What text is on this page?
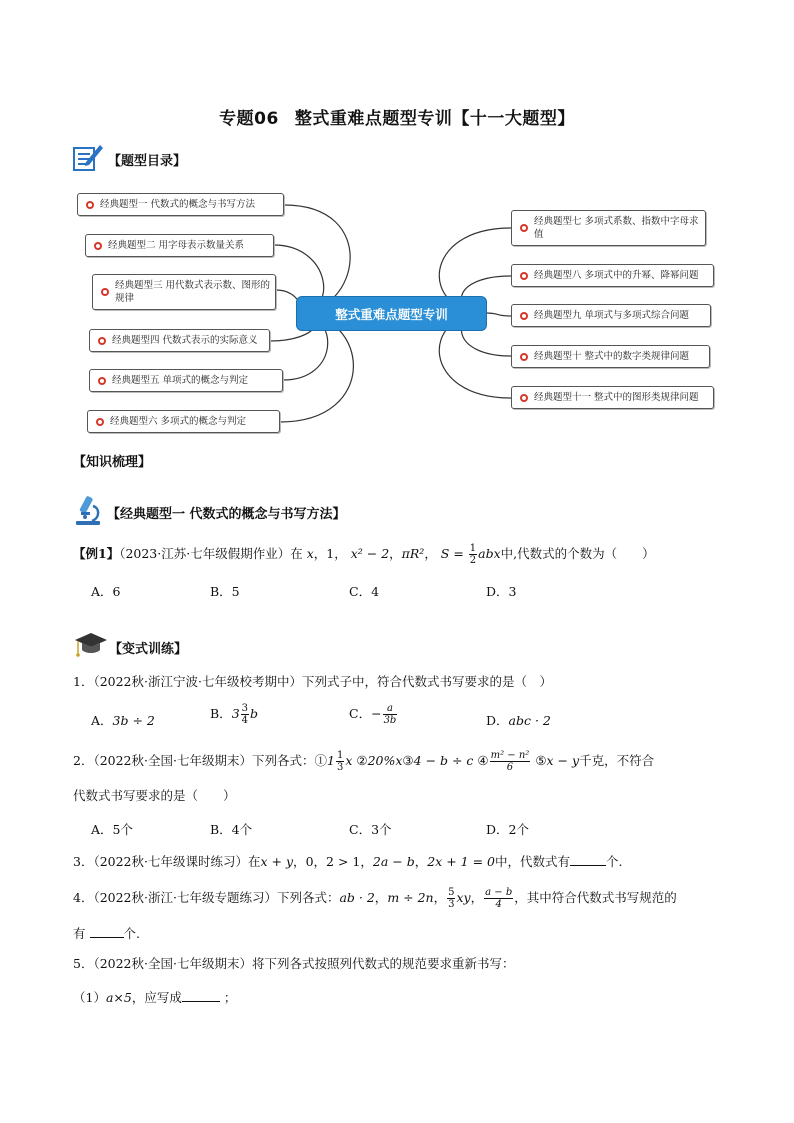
专题06 整式重难点题型专训【十一大题型】
【题型目录】
经典题型一 代数式的概念与书写方法
经典题型二 用字母表示数量关系
经典题型三 用代数式表示数、图形的规律
经典题型四 代数式表示的实际意义
经典题型五 单项式的概念与判定
经典题型六 多项式的概念与判定
整式重难点题型专训
经典题型七 多项式系数、指数中字母求值
经典题型八 多项式中的升幂、降幂问题
经典题型九 单项式与多项式综合问题
经典题型十 整式中的数字类规律问题
经典题型十一 整式中的图形类规律问题
【知识梳理】
【经典题型一 代数式的概念与书写方法】
【例1】（2023·江苏·七年级假期作业）在 x，1， x² − 2，πR²， $S = \frac{1}{2}$ abx中,代数式的个数为（　　）
A．6	B．5	C．4	D．3
【变式训练】
1．（2022秋·浙江宁波·七年级校考期中）下列式子中，符合代数式书写要求的是（　）
A．3b ÷ 2	B．$3 \frac{3}{4}$ b	C．− $\frac{a}{3b}$	D．abc · 2
2．（2022秋·全国·七年级期末）下列各式：①1 $\frac{1}{3}$ x ②20%x③4 − b ÷ c ④ $\frac{\text{m² − n²}}{6}$ ⑤x − y千克，不符合
代数式书写要求的是（　　）
A．5个	B．4个	C．3个	D．2个
3．（2022秋·七年级课时练习）在x + y，0，2 > 1，2a − b，2x + 1 = 0中，代数式有	个.
4．（2022秋·浙江·七年级专题练习）下列各式：ab · 2，m ÷ 2n， $\frac{5}{3}$ xy， $\frac{a - b}{4}$ ，其中符合代数式书写规范的
有	个.
5．（2022秋·全国·七年级期末）将下列各式按照列代数式的规范要求重新书写：
（1）a×5，应写成	；
